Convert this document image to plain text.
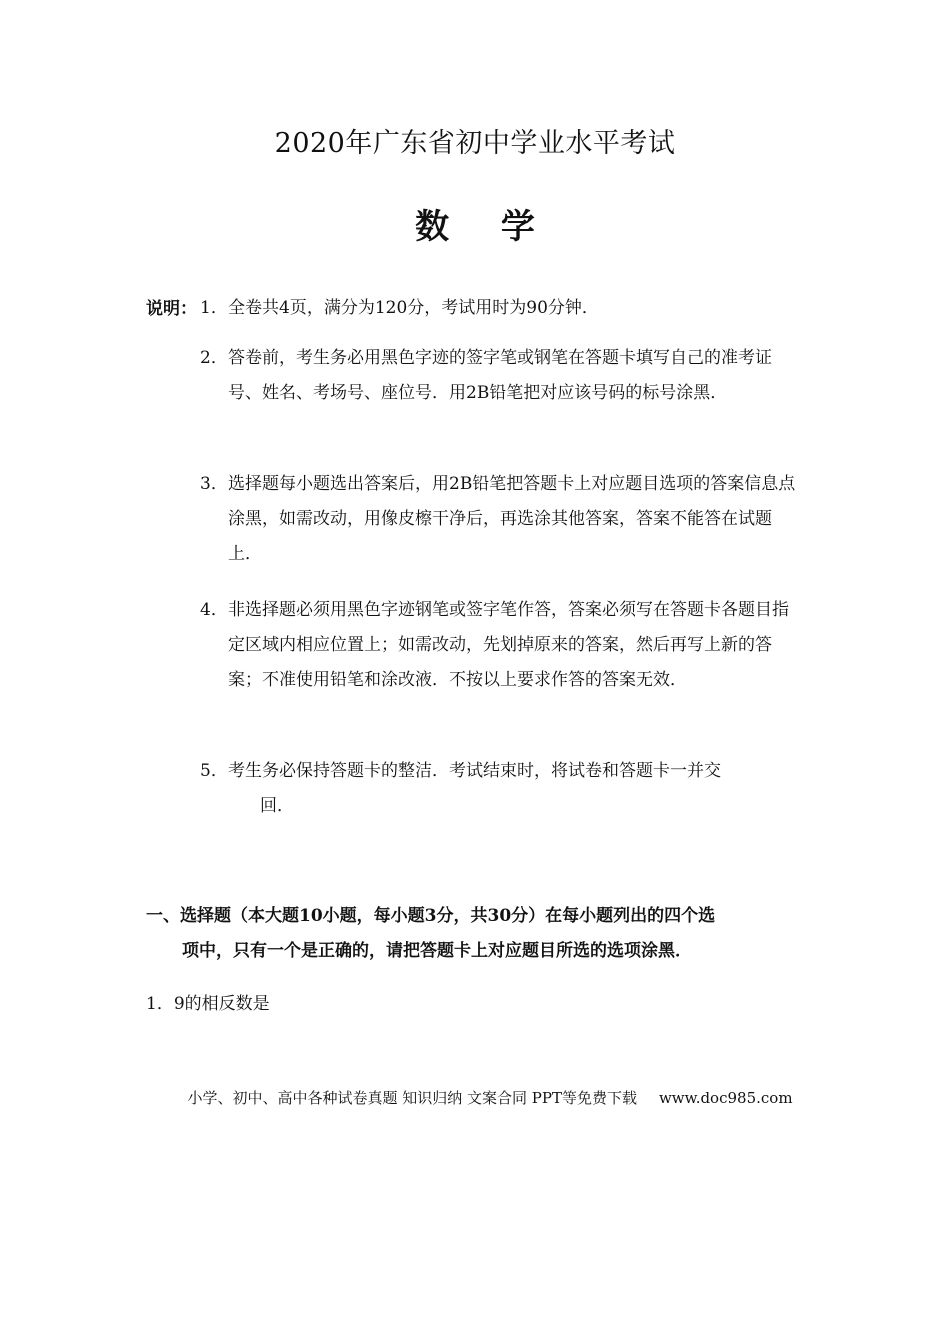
2020年广东省初中学业水平考试
数 学
说明： 1． 全卷共4页，满分为120分，考试用时为90分钟．
2． 答卷前，考生务必用黑色字迹的签字笔或钢笔在答题卡填写自己的准考证号、姓名、考场号、座位号．用2B铅笔把对应该号码的标号涂黑．
3． 选择题每小题选出答案后，用2B铅笔把答题卡上对应题目选项的答案信息点涂黑，如需改动，用像皮檫干净后，再选涂其他答案，答案不能答在试题上．
4． 非选择题必须用黑色字迹钢笔或签字笔作答，答案必须写在答题卡各题目指定区域内相应位置上；如需改动，先划掉原来的答案，然后再写上新的答案；不准使用铅笔和涂改液．不按以上要求作答的答案无效．
5． 考生务必保持答题卡的整洁．考试结束时，将试卷和答题卡一并交
回．
一、选择题（本大题10小题，每小题3分，共30分）在每小题列出的四个选
项中，只有一个是正确的，请把答题卡上对应题目所选的选项涂黑．
1．9的相反数是
小学、初中、高中各种试卷真题 知识归纳 文案合同 PPT等免费下载 www.doc985.com
